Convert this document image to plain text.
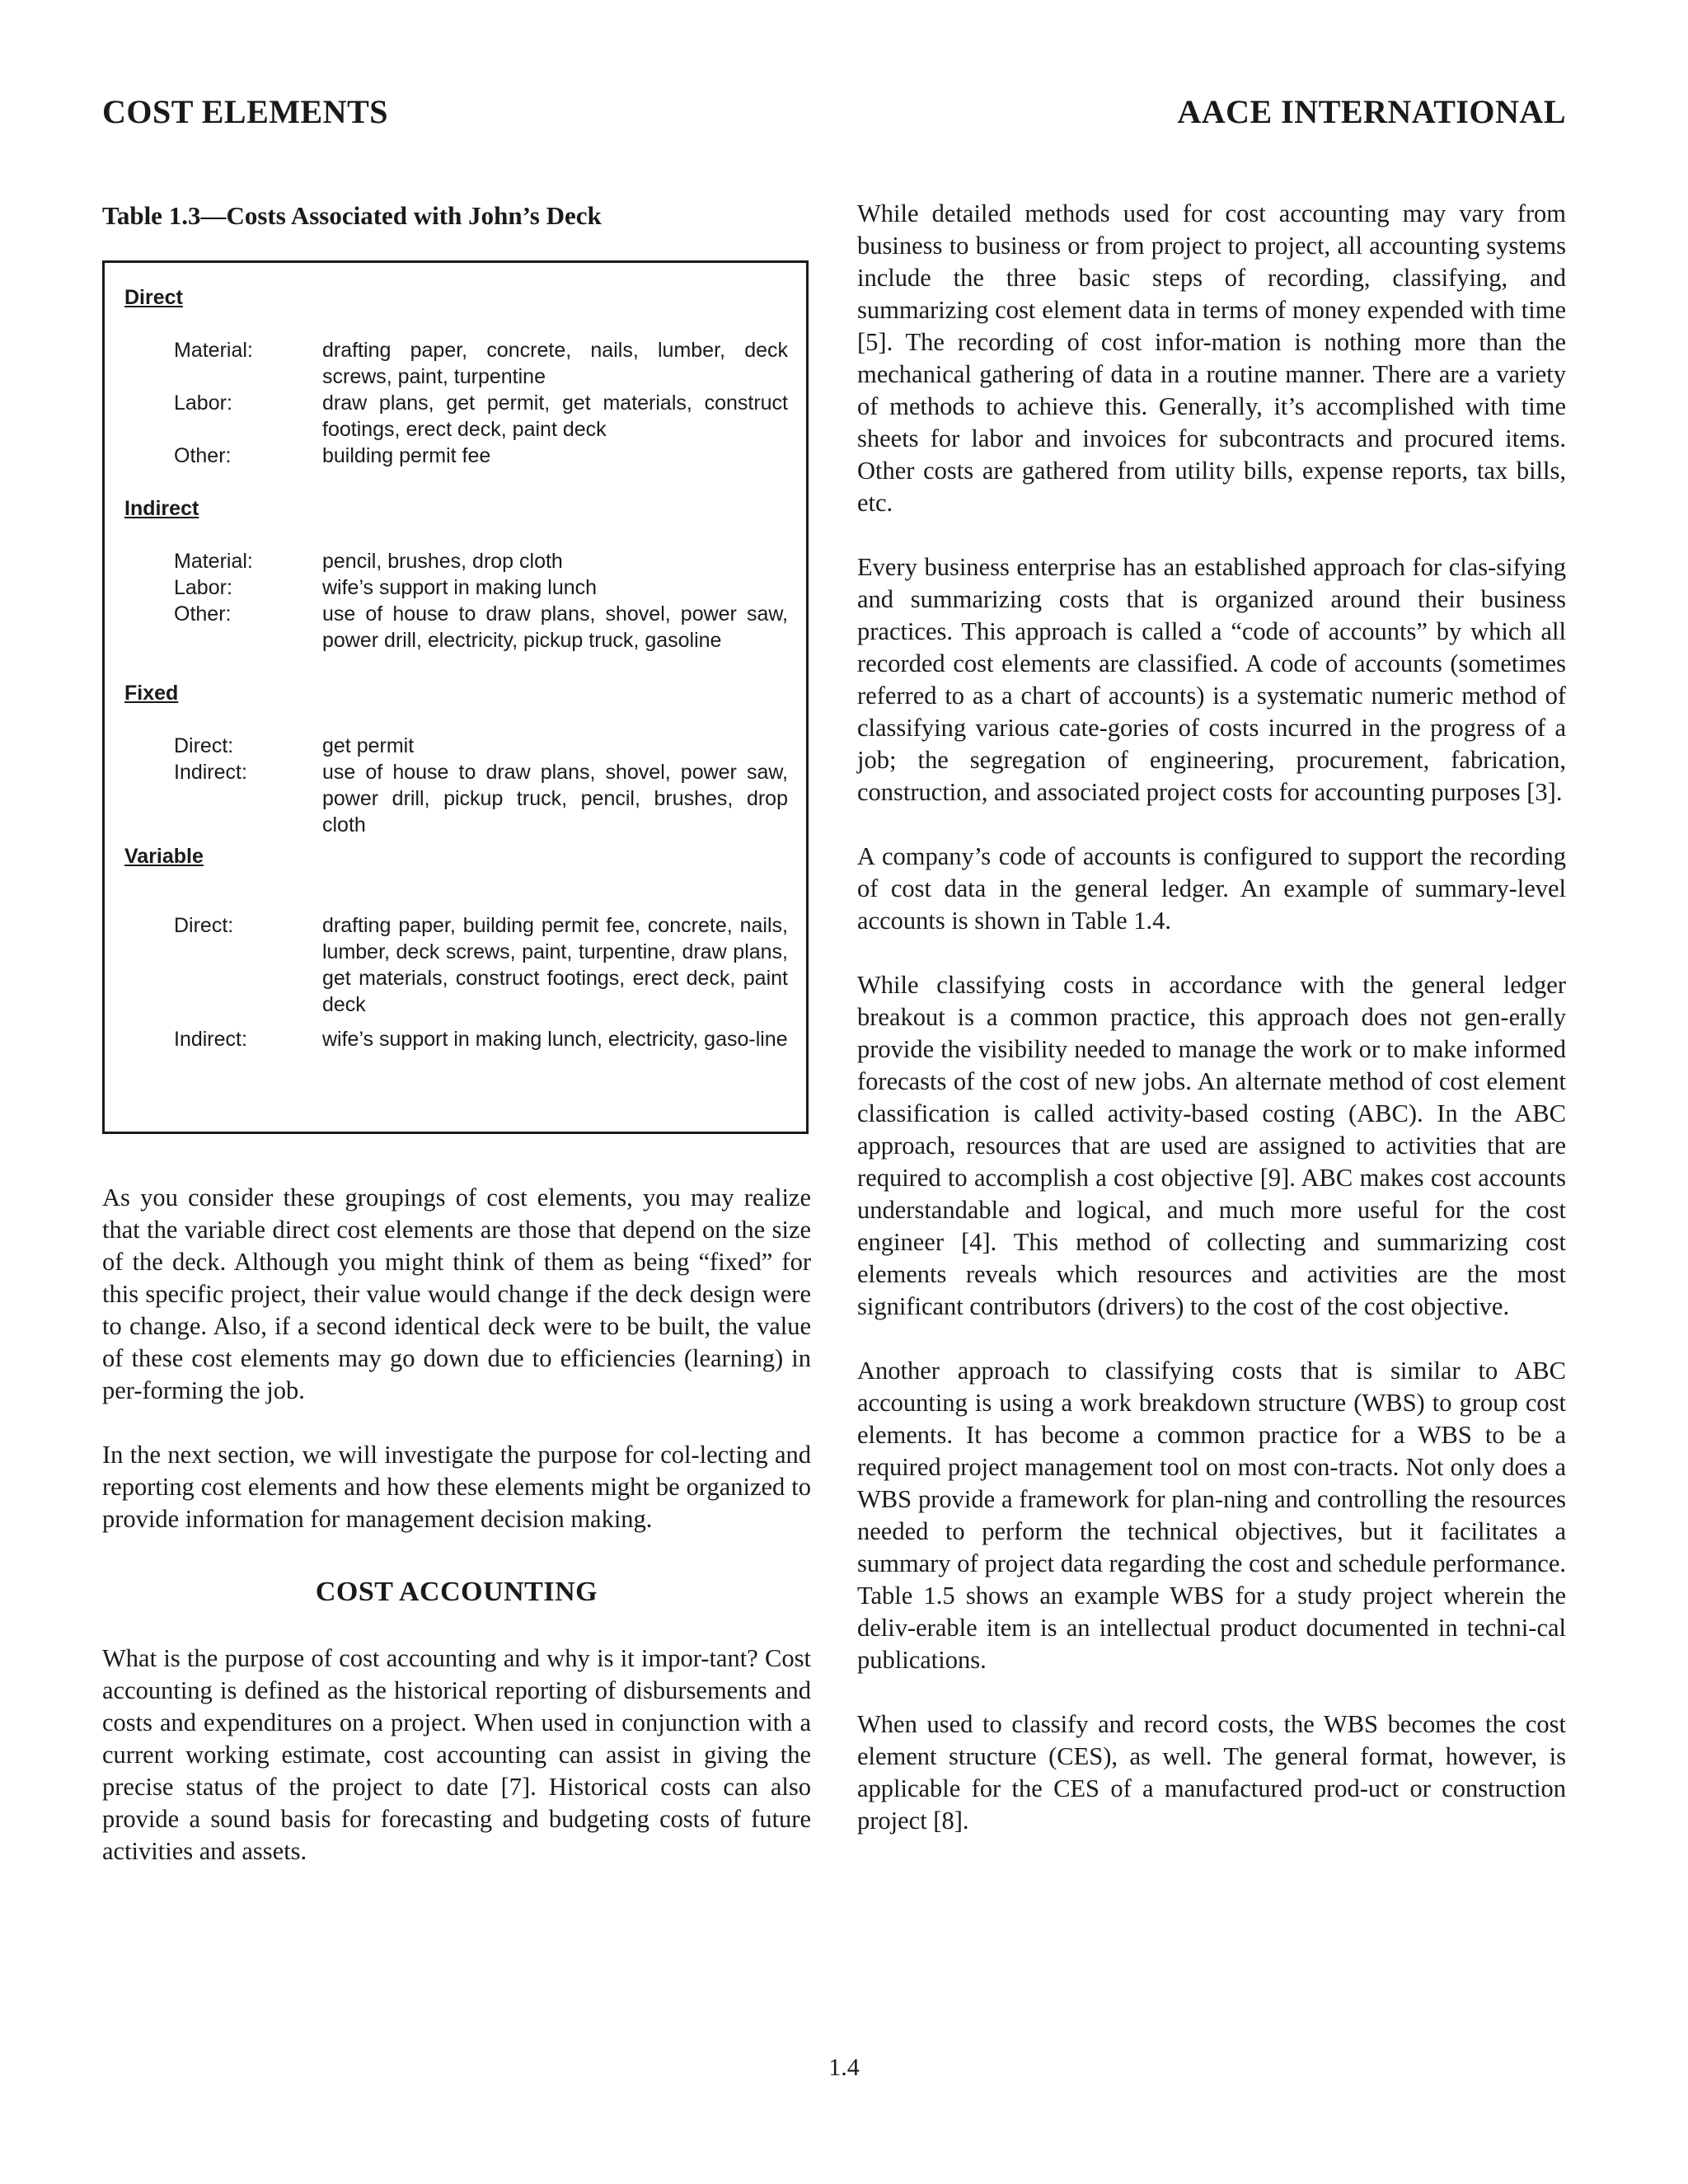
COST ELEMENTS	AACE INTERNATIONAL
Table 1.3—Costs Associated with John’s Deck
Direct
Material:	drafting paper, concrete, nails, lumber, deck screws, paint, turpentine
Labor:	draw plans, get permit, get materials, construct footings, erect deck, paint deck
Other:	building permit fee
Indirect
Material:	pencil, brushes, drop cloth
Labor:	wife’s support in making lunch
Other:	use of house to draw plans, shovel, power saw, power drill, electricity, pickup truck, gasoline
Fixed
Direct:	get permit
Indirect:	use of house to draw plans, shovel, power saw, power drill, pickup truck, pencil, brushes, drop cloth
Variable
Direct:	drafting paper, building permit fee, concrete, nails, lumber, deck screws, paint, turpentine, draw plans, get materials, construct footings, erect deck, paint deck
Indirect:	wife’s support in making lunch, electricity, gaso-line

As you consider these groupings of cost elements, you may realize that the variable direct cost elements are those that depend on the size of the deck. Although you might think of them as being “fixed” for this specific project, their value would change if the deck design were to change. Also, if a second identical deck were to be built, the value of these cost elements may go down due to efficiencies (learning) in per-forming the job.

In the next section, we will investigate the purpose for col-lecting and reporting cost elements and how these elements might be organized to provide information for management decision making.

COST ACCOUNTING

What is the purpose of cost accounting and why is it impor-tant? Cost accounting is defined as the historical reporting of disbursements and costs and expenditures on a project. When used in conjunction with a current working estimate, cost accounting can assist in giving the precise status of the project to date [7]. Historical costs can also provide a sound basis for forecasting and budgeting costs of future activities and assets.

While detailed methods used for cost accounting may vary from business to business or from project to project, all accounting systems include the three basic steps of recording, classifying, and summarizing cost element data in terms of money expended with time [5]. The recording of cost infor-mation is nothing more than the mechanical gathering of data in a routine manner. There are a variety of methods to achieve this. Generally, it’s accomplished with time sheets for labor and invoices for subcontracts and procured items. Other costs are gathered from utility bills, expense reports, tax bills, etc.

Every business enterprise has an established approach for clas-sifying and summarizing costs that is organized around their business practices. This approach is called a “code of accounts” by which all recorded cost elements are classified. A code of accounts (sometimes referred to as a chart of accounts) is a systematic numeric method of classifying various cate-gories of costs incurred in the progress of a job; the segregation of engineering, procurement, fabrication, construction, and associated project costs for accounting purposes [3].

A company’s code of accounts is configured to support the recording of cost data in the general ledger. An example of summary-level accounts is shown in Table 1.4.

While classifying costs in accordance with the general ledger breakout is a common practice, this approach does not gen-erally provide the visibility needed to manage the work or to make informed forecasts of the cost of new jobs. An alternate method of cost element classification is called activity-based costing (ABC). In the ABC approach, resources that are used are assigned to activities that are required to accomplish a cost objective [9]. ABC makes cost accounts understandable and logical, and much more useful for the cost engineer [4]. This method of collecting and summarizing cost elements reveals which resources and activities are the most significant contributors (drivers) to the cost of the cost objective.

Another approach to classifying costs that is similar to ABC accounting is using a work breakdown structure (WBS) to group cost elements. It has become a common practice for a WBS to be a required project management tool on most con-tracts. Not only does a WBS provide a framework for plan-ning and controlling the resources needed to perform the technical objectives, but it facilitates a summary of project data regarding the cost and schedule performance. Table 1.5 shows an example WBS for a study project wherein the deliv-erable item is an intellectual product documented in techni-cal publications.

When used to classify and record costs, the WBS becomes the cost element structure (CES), as well. The general format, however, is applicable for the CES of a manufactured prod-uct or construction project [8].

1.4
